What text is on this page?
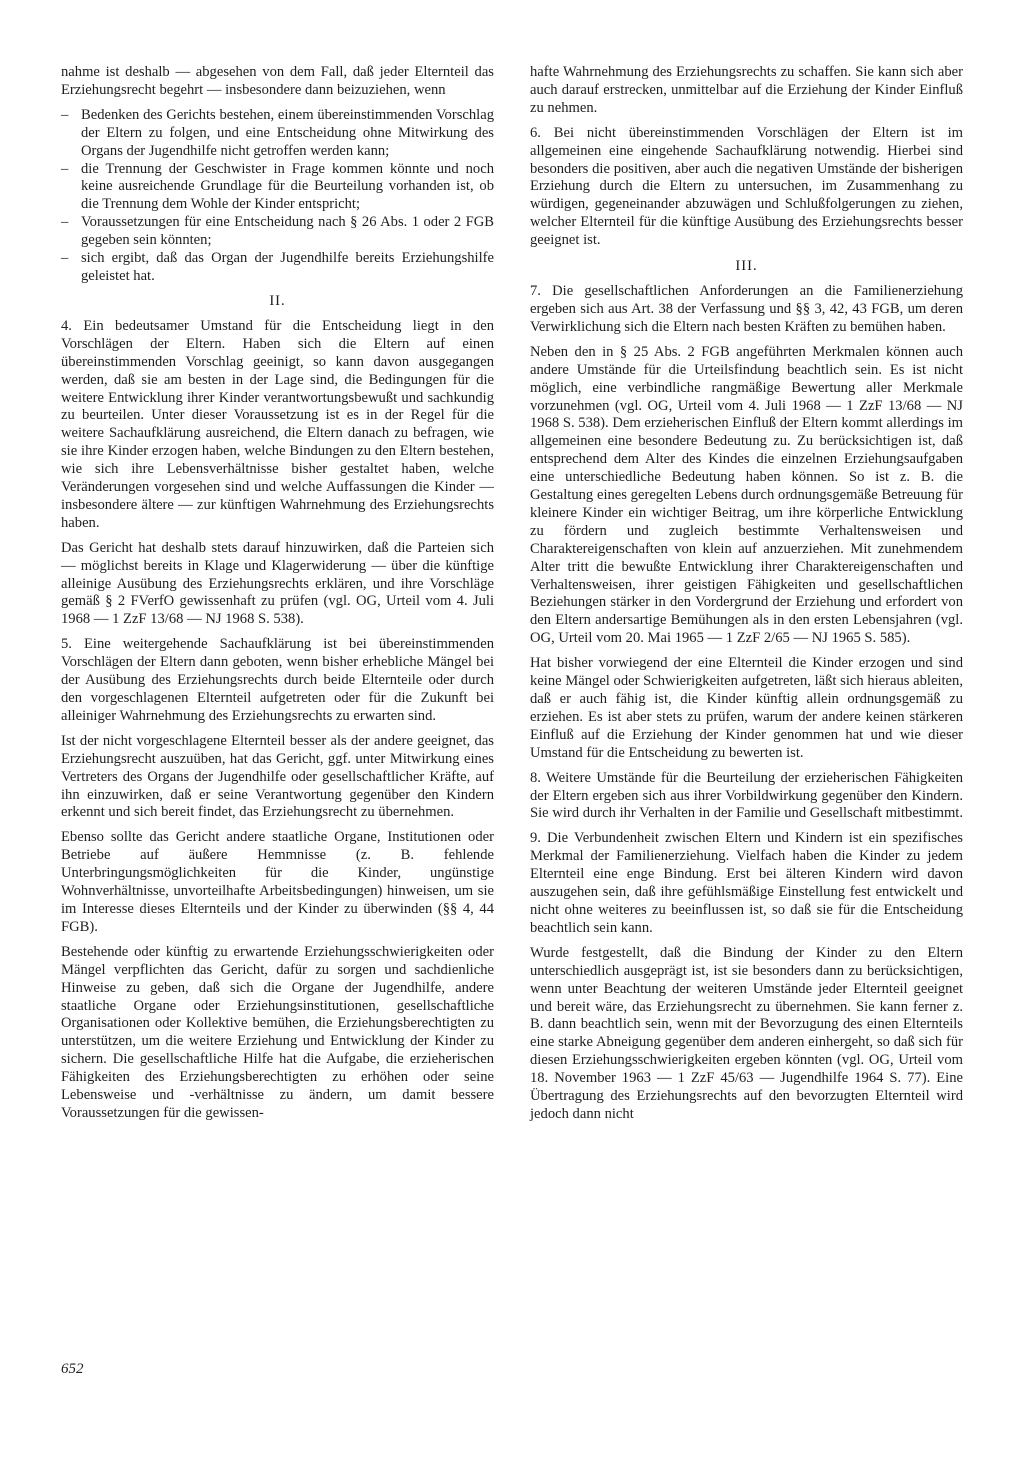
nahme ist deshalb — abgesehen von dem Fall, daß jeder Elternteil das Erziehungsrecht begehrt — insbesondere dann beizuziehen, wenn

– Bedenken des Gerichts bestehen, einem übereinstimmenden Vorschlag der Eltern zu folgen, und eine Entscheidung ohne Mitwirkung des Organs der Jugendhilfe nicht getroffen werden kann;
– die Trennung der Geschwister in Frage kommen könnte und noch keine ausreichende Grundlage für die Beurteilung vorhanden ist, ob die Trennung dem Wohle der Kinder entspricht;
– Voraussetzungen für eine Entscheidung nach § 26 Abs. 1 oder 2 FGB gegeben sein könnten;
– sich ergibt, daß das Organ der Jugendhilfe bereits Erziehungshilfe geleistet hat.
II.

4. Ein bedeutsamer Umstand für die Entscheidung liegt in den Vorschlägen der Eltern. Haben sich die Eltern auf einen übereinstimmenden Vorschlag geeinigt, so kann davon ausgegangen werden, daß sie am besten in der Lage sind, die Bedingungen für die weitere Entwicklung ihrer Kinder verantwortungsbewußt und sachkundig zu beurteilen. Unter dieser Voraussetzung ist es in der Regel für die weitere Sachaufklärung ausreichend, die Eltern danach zu befragen, wie sie ihre Kinder erzogen haben, welche Bindungen zu den Eltern bestehen, wie sich ihre Lebensverhältnisse bisher gestaltet haben, welche Veränderungen vorgesehen sind und welche Auffassungen die Kinder — insbesondere ältere — zur künftigen Wahrnehmung des Erziehungsrechts haben.

Das Gericht hat deshalb stets darauf hinzuwirken, daß die Parteien sich — möglichst bereits in Klage und Klagerwiderung — über die künftige alleinige Ausübung des Erziehungsrechts erklären, und ihre Vorschläge gemäß § 2 FVerfO gewissenhaft zu prüfen (vgl. OG, Urteil vom 4. Juli 1968 — 1 ZzF 13/68 — NJ 1968 S. 538).

5. Eine weitergehende Sachaufklärung ist bei übereinstimmenden Vorschlägen der Eltern dann geboten, wenn bisher erhebliche Mängel bei der Ausübung des Erziehungsrechts durch beide Elternteile oder durch den vorgeschlagenen Elternteil aufgetreten oder für die Zukunft bei alleiniger Wahrnehmung des Erziehungsrechts zu erwarten sind.

Ist der nicht vorgeschlagene Elternteil besser als der andere geeignet, das Erziehungsrecht auszuüben, hat das Gericht, ggf. unter Mitwirkung eines Vertreters des Organs der Jugendhilfe oder gesellschaftlicher Kräfte, auf ihn einzuwirken, daß er seine Verantwortung gegenüber den Kindern erkennt und sich bereit findet, das Erziehungsrecht zu übernehmen.

Ebenso sollte das Gericht andere staatliche Organe, Institutionen oder Betriebe auf äußere Hemmnisse (z. B. fehlende Unterbringungsmöglichkeiten für die Kinder, ungünstige Wohnverhältnisse, unvorteilhafte Arbeitsbedingungen) hinweisen, um sie im Interesse dieses Elternteils und der Kinder zu überwinden (§§ 4, 44 FGB).

Bestehende oder künftig zu erwartende Erziehungsschwierigkeiten oder Mängel verpflichten das Gericht, dafür zu sorgen und sachdienliche Hinweise zu geben, daß sich die Organe der Jugendhilfe, andere staatliche Organe oder Erziehungsinstitutionen, gesellschaftliche Organisationen oder Kollektive bemühen, die Erziehungsberechtigten zu unterstützen, um die weitere Erziehung und Entwicklung der Kinder zu sichern. Die gesellschaftliche Hilfe hat die Aufgabe, die erzieherischen Fähigkeiten des Erziehungsberechtigten zu erhöhen oder seine Lebensweise und -verhältnisse zu ändern, um damit bessere Voraussetzungen für die gewissen-

hafte Wahrnehmung des Erziehungsrechts zu schaffen. Sie kann sich aber auch darauf erstrecken, unmittelbar auf die Erziehung der Kinder Einfluß zu nehmen.

6. Bei nicht übereinstimmenden Vorschlägen der Eltern ist im allgemeinen eine eingehende Sachaufklärung notwendig. Hierbei sind besonders die positiven, aber auch die negativen Umstände der bisherigen Erziehung durch die Eltern zu untersuchen, im Zusammenhang zu würdigen, gegeneinander abzuwägen und Schlußfolgerungen zu ziehen, welcher Elternteil für die künftige Ausübung des Erziehungsrechts besser geeignet ist.

III.

7. Die gesellschaftlichen Anforderungen an die Familienerziehung ergeben sich aus Art. 38 der Verfassung und §§ 3, 42, 43 FGB, um deren Verwirklichung sich die Eltern nach besten Kräften zu bemühen haben.

Neben den in § 25 Abs. 2 FGB angeführten Merkmalen können auch andere Umstände für die Urteilsfindung beachtlich sein. Es ist nicht möglich, eine verbindliche rangmäßige Bewertung aller Merkmale vorzunehmen (vgl. OG, Urteil vom 4. Juli 1968 — 1 ZzF 13/68 — NJ 1968 S. 538). Dem erzieherischen Einfluß der Eltern kommt allerdings im allgemeinen eine besondere Bedeutung zu. Zu berücksichtigen ist, daß entsprechend dem Alter des Kindes die einzelnen Erziehungsaufgaben eine unterschiedliche Bedeutung haben können. So ist z. B. die Gestaltung eines geregelten Lebens durch ordnungsgemäße Betreuung für kleinere Kinder ein wichtiger Beitrag, um ihre körperliche Entwicklung zu fördern und zugleich bestimmte Verhaltensweisen und Charaktereigenschaften von klein auf anzuerziehen. Mit zunehmendem Alter tritt die bewußte Entwicklung ihrer Charaktereigenschaften und Verhaltensweisen, ihrer geistigen Fähigkeiten und gesellschaftlichen Beziehungen stärker in den Vordergrund der Erziehung und erfordert von den Eltern andersartige Bemühungen als in den ersten Lebensjahren (vgl. OG, Urteil vom 20. Mai 1965 — 1 ZzF 2/65 — NJ 1965 S. 585).

Hat bisher vorwiegend der eine Elternteil die Kinder erzogen und sind keine Mängel oder Schwierigkeiten aufgetreten, läßt sich hieraus ableiten, daß er auch fähig ist, die Kinder künftig allein ordnungsgemäß zu erziehen. Es ist aber stets zu prüfen, warum der andere keinen stärkeren Einfluß auf die Erziehung der Kinder genommen hat und wie dieser Umstand für die Entscheidung zu bewerten ist.

8. Weitere Umstände für die Beurteilung der erzieherischen Fähigkeiten der Eltern ergeben sich aus ihrer Vorbildwirkung gegenüber den Kindern. Sie wird durch ihr Verhalten in der Familie und Gesellschaft mitbestimmt.

9. Die Verbundenheit zwischen Eltern und Kindern ist ein spezifisches Merkmal der Familienerziehung. Vielfach haben die Kinder zu jedem Elternteil eine enge Bindung. Erst bei älteren Kindern wird davon auszugehen sein, daß ihre gefühlsmäßige Einstellung fest entwickelt und nicht ohne weiteres zu beeinflussen ist, so daß sie für die Entscheidung beachtlich sein kann.

Wurde festgestellt, daß die Bindung der Kinder zu den Eltern unterschiedlich ausgeprägt ist, ist sie besonders dann zu berücksichtigen, wenn unter Beachtung der weiteren Umstände jeder Elternteil geeignet und bereit wäre, das Erziehungsrecht zu übernehmen. Sie kann ferner z. B. dann beachtlich sein, wenn mit der Bevorzugung des einen Elternteils eine starke Abneigung gegenüber dem anderen einhergeht, so daß sich für diesen Erziehungsschwierigkeiten ergeben könnten (vgl. OG, Urteil vom 18. November 1963 — 1 ZzF 45/63 — Jugendhilfe 1964 S. 77). Eine Übertragung des Erziehungsrechts auf den bevorzugten Elternteil wird jedoch dann nicht

652
